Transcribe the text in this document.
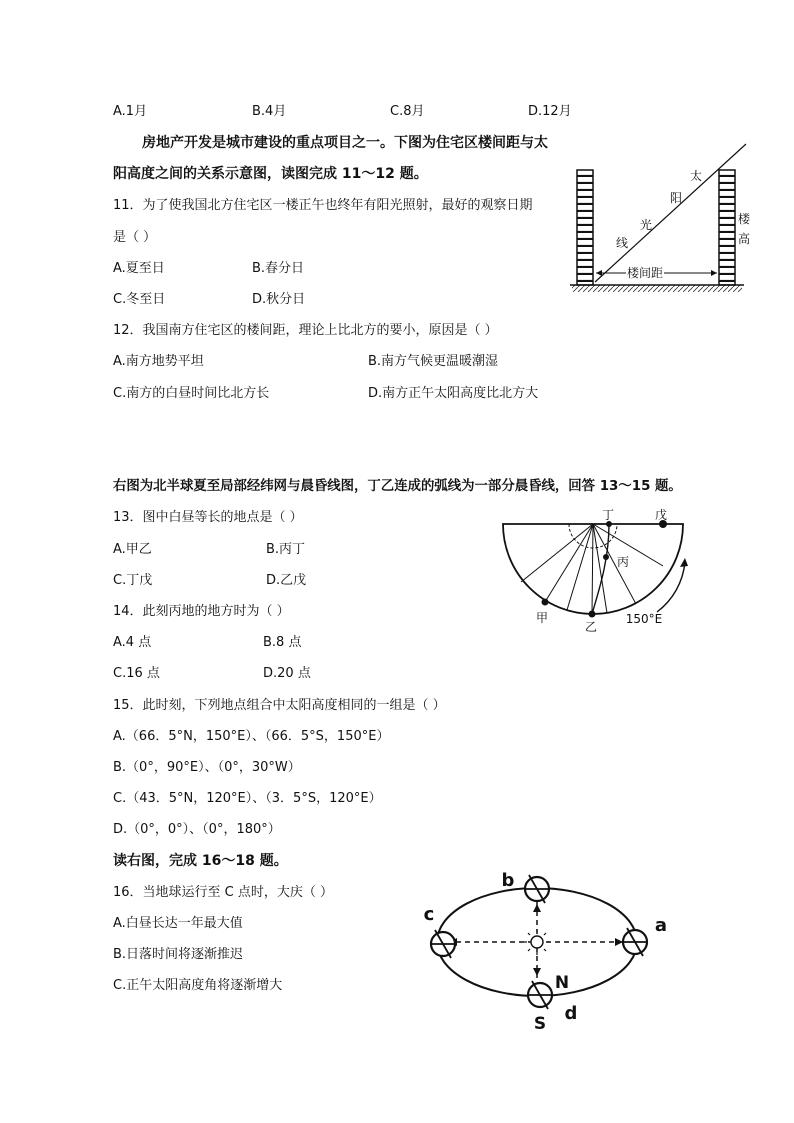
A.1月	B.4月	C.8月	D.12月
房地产开发是城市建设的重点项目之一。下图为住宅区楼间距与太
阳高度之间的关系示意图，读图完成 11～12 题。
11．为了使我国北方住宅区一楼正午也终年有阳光照射，最好的观察日期
是（ ）
A.夏至日	B.春分日
C.冬至日	D.秋分日
12．我国南方住宅区的楼间距，理论上比北方的要小，原因是（ ）
A.南方地势平坦	B.南方气候更温暖潮湿
C.南方的白昼时间比北方长	D.南方正午太阳高度比北方大
楼间距
太
阳
光
线
楼
高
右图为北半球夏至局部经纬网与晨昏线图，丁乙连成的弧线为一部分晨昏线，回答 13～15 题。
13．图中白昼等长的地点是（ ）
A.甲乙	B.丙丁
C.丁戊	D.乙戊
14．此刻丙地的地方时为（ ）
A.4 点	B.8 点
C.16 点	D.20 点
15．此时刻，下列地点组合中太阳高度相同的一组是（ ）
A.（66．5°N，150°E）、（66．5°S，150°E）
B.（0°，90°E）、（0°，30°W）
C.（43．5°N，120°E）、（3．5°S，120°E）
D.（0°，0°）、（0°，180°）
丁	戊
丙
甲
乙
150°E
读右图，完成 16～18 题。
16．当地球运行至 C 点时，大庆（ ）
A.白昼长达一年最大值
B.日落时间将逐渐推迟
C.正午太阳高度角将逐渐增大
c
b
a
N
d
S
